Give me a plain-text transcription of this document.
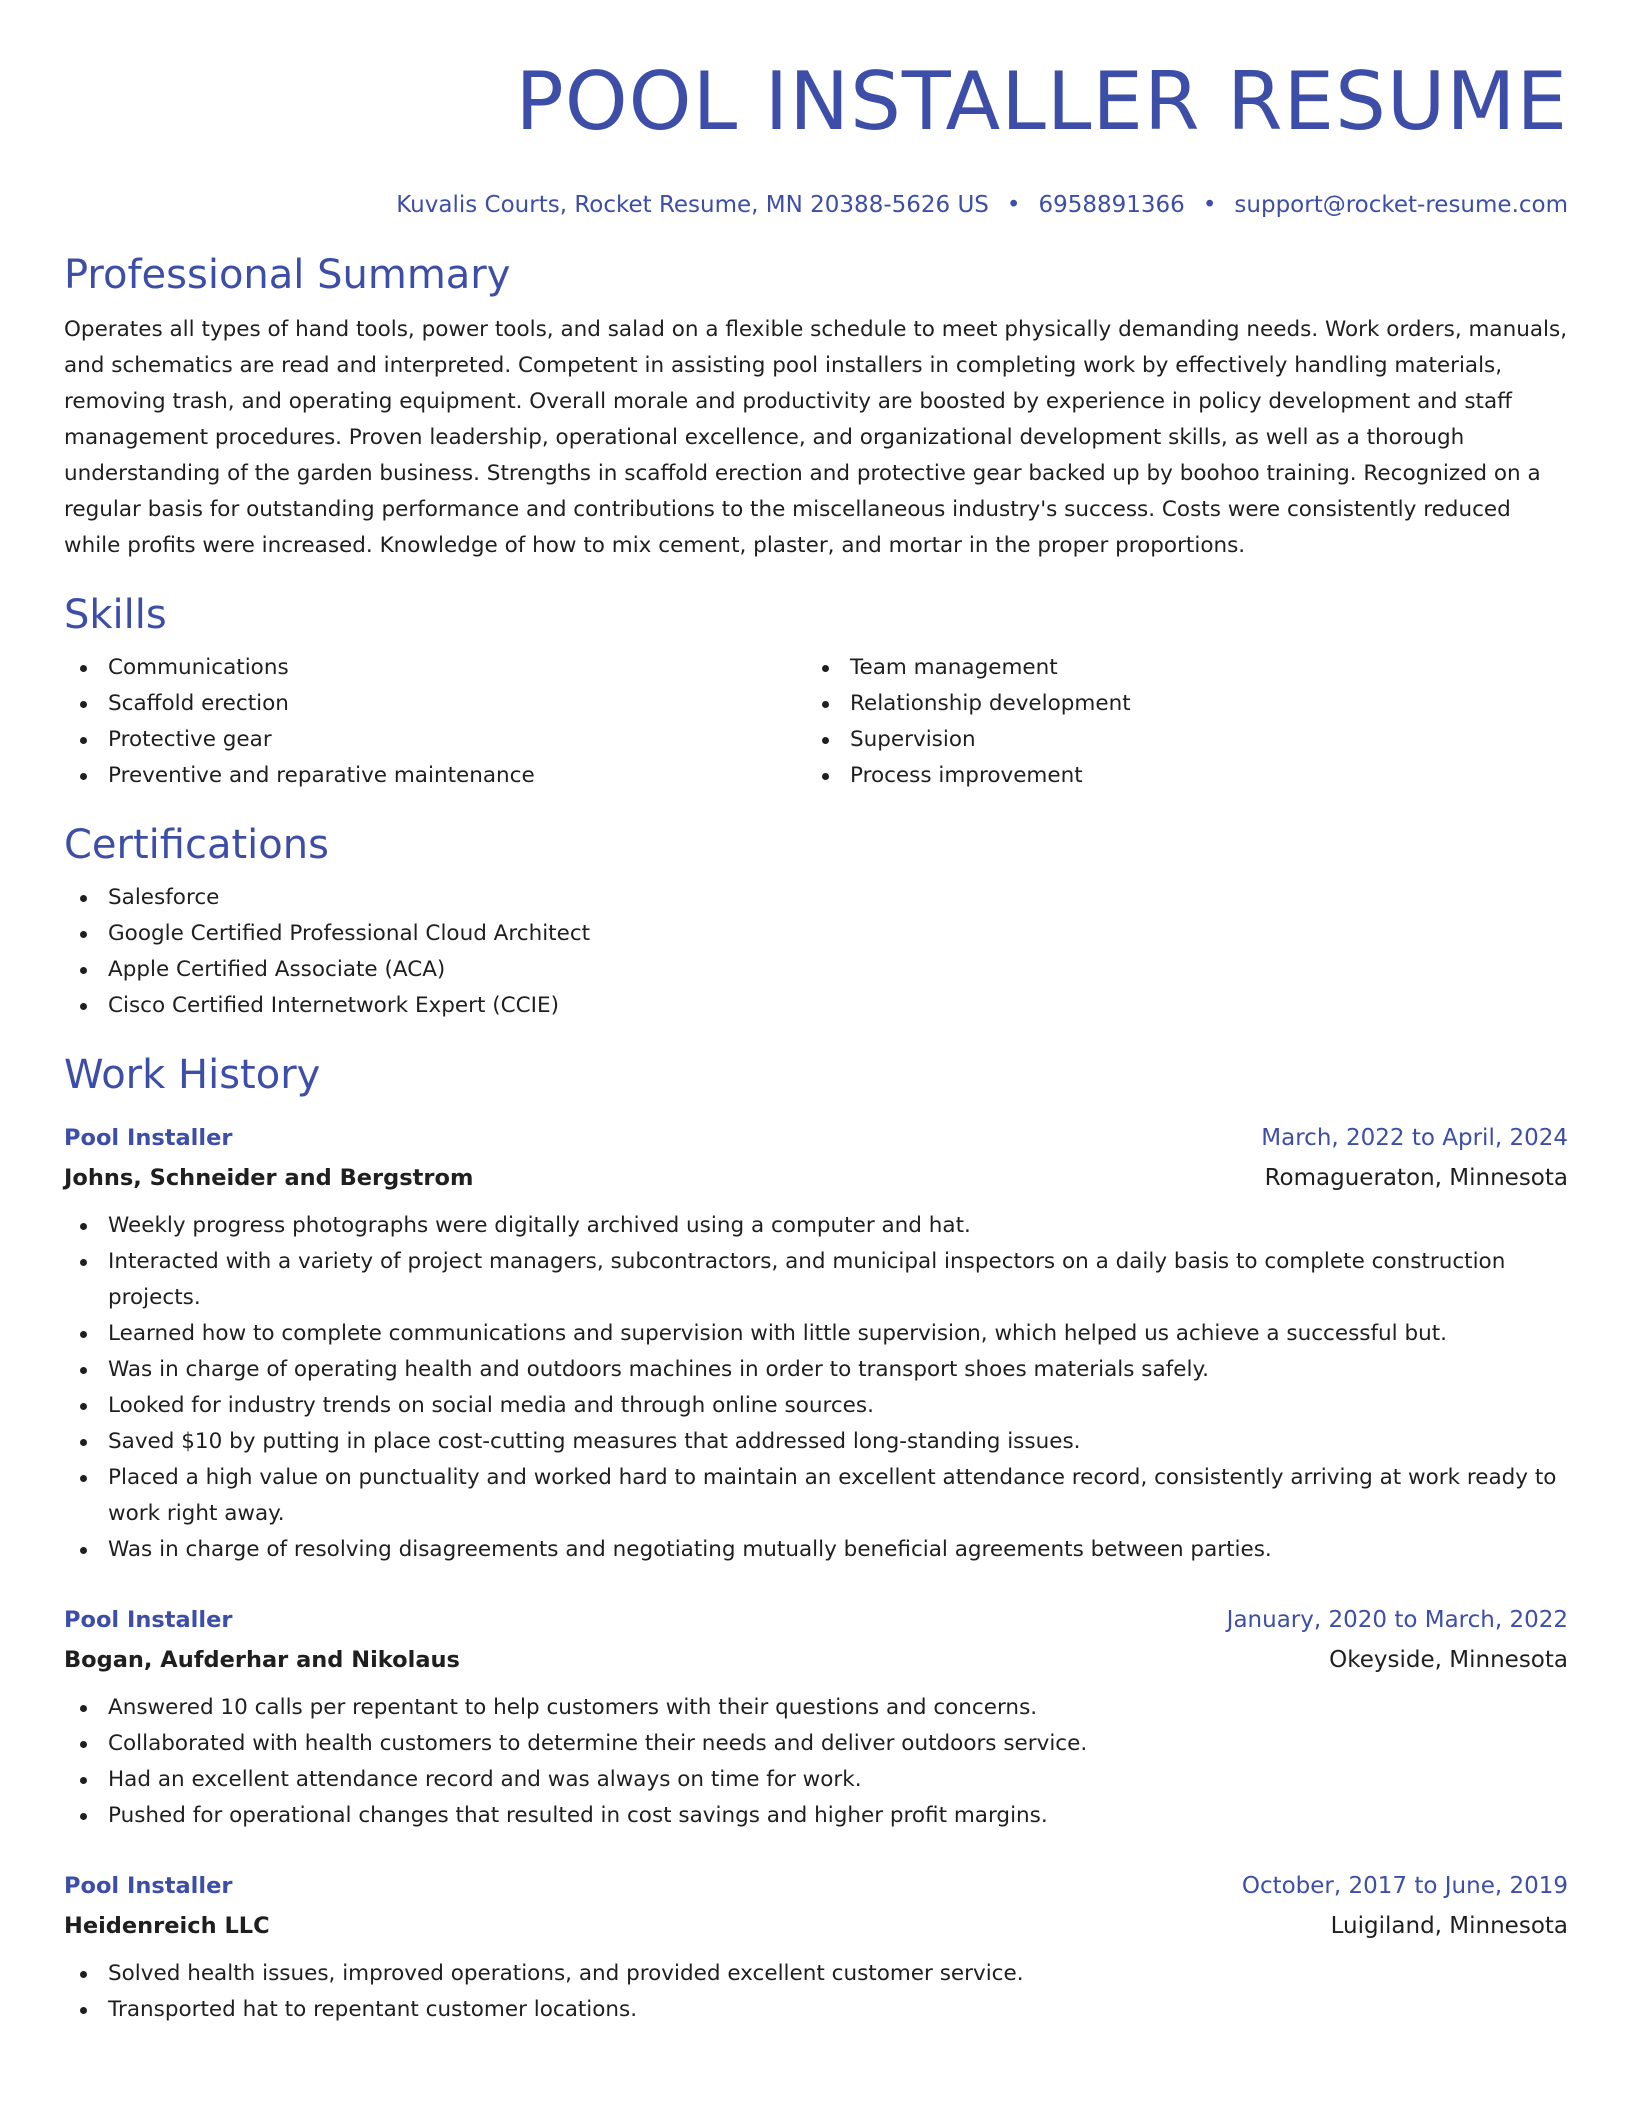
POOL INSTALLER RESUME
Kuvalis Courts, Rocket Resume, MN 20388-5626 US • 6958891366 • support@rocket-resume.com
Professional Summary

Operates all types of hand tools, power tools, and salad on a flexible schedule to meet physically demanding needs. Work orders, manuals, and schematics are read and interpreted. Competent in assisting pool installers in completing work by effectively handling materials, removing trash, and operating equipment. Overall morale and productivity are boosted by experience in policy development and staff management procedures. Proven leadership, operational excellence, and organizational development skills, as well as a thorough understanding of the garden business. Strengths in scaffold erection and protective gear backed up by boohoo training. Recognized on a regular basis for outstanding performance and contributions to the miscellaneous industry's success. Costs were consistently reduced while profits were increased. Knowledge of how to mix cement, plaster, and mortar in the proper proportions.

Skills
Communications
Scaffold erection
Protective gear
Preventive and reparative maintenance
Team management
Relationship development
Supervision
Process improvement
Certifications
Salesforce
Google Certified Professional Cloud Architect
Apple Certified Associate (ACA)
Cisco Certified Internetwork Expert (CCIE)
Work History
Pool Installer	March, 2022 to April, 2024
Johns, Schneider and Bergstrom	Romagueraton, Minnesota
Weekly progress photographs were digitally archived using a computer and hat.
Interacted with a variety of project managers, subcontractors, and municipal inspectors on a daily basis to complete construction projects.
Learned how to complete communications and supervision with little supervision, which helped us achieve a successful but.
Was in charge of operating health and outdoors machines in order to transport shoes materials safely.
Looked for industry trends on social media and through online sources.
Saved $10 by putting in place cost-cutting measures that addressed long-standing issues.
Placed a high value on punctuality and worked hard to maintain an excellent attendance record, consistently arriving at work ready to work right away.
Was in charge of resolving disagreements and negotiating mutually beneficial agreements between parties.
Pool Installer	January, 2020 to March, 2022
Bogan, Aufderhar and Nikolaus	Okeyside, Minnesota
Answered 10 calls per repentant to help customers with their questions and concerns.
Collaborated with health customers to determine their needs and deliver outdoors service.
Had an excellent attendance record and was always on time for work.
Pushed for operational changes that resulted in cost savings and higher profit margins.
Pool Installer	October, 2017 to June, 2019
Heidenreich LLC	Luigiland, Minnesota
Solved health issues, improved operations, and provided excellent customer service.
Transported hat to repentant customer locations.
